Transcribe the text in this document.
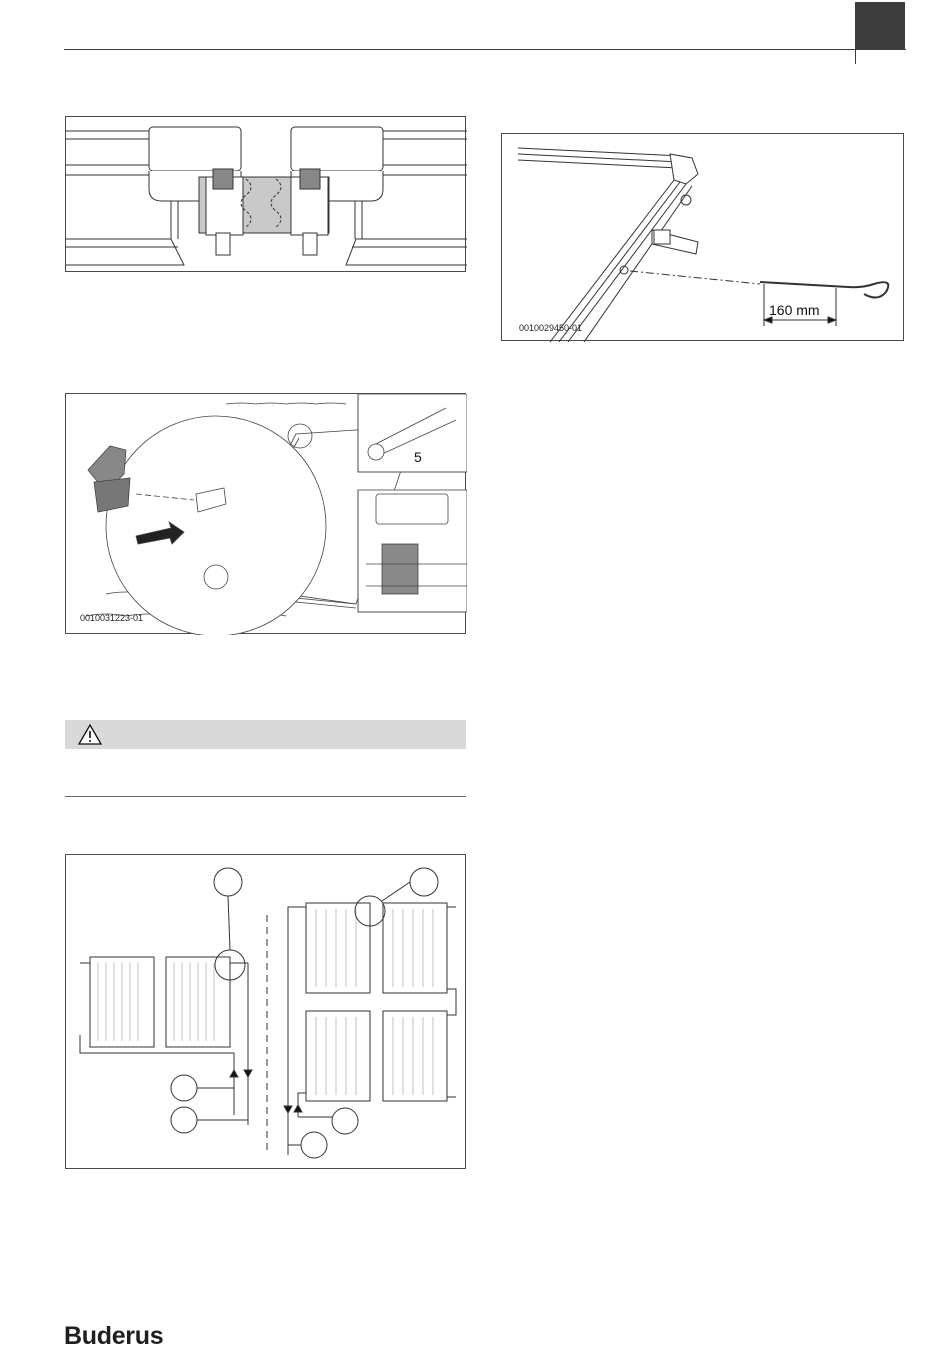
0010031223-01
5
160 mm
0010029450-01
Buderus
